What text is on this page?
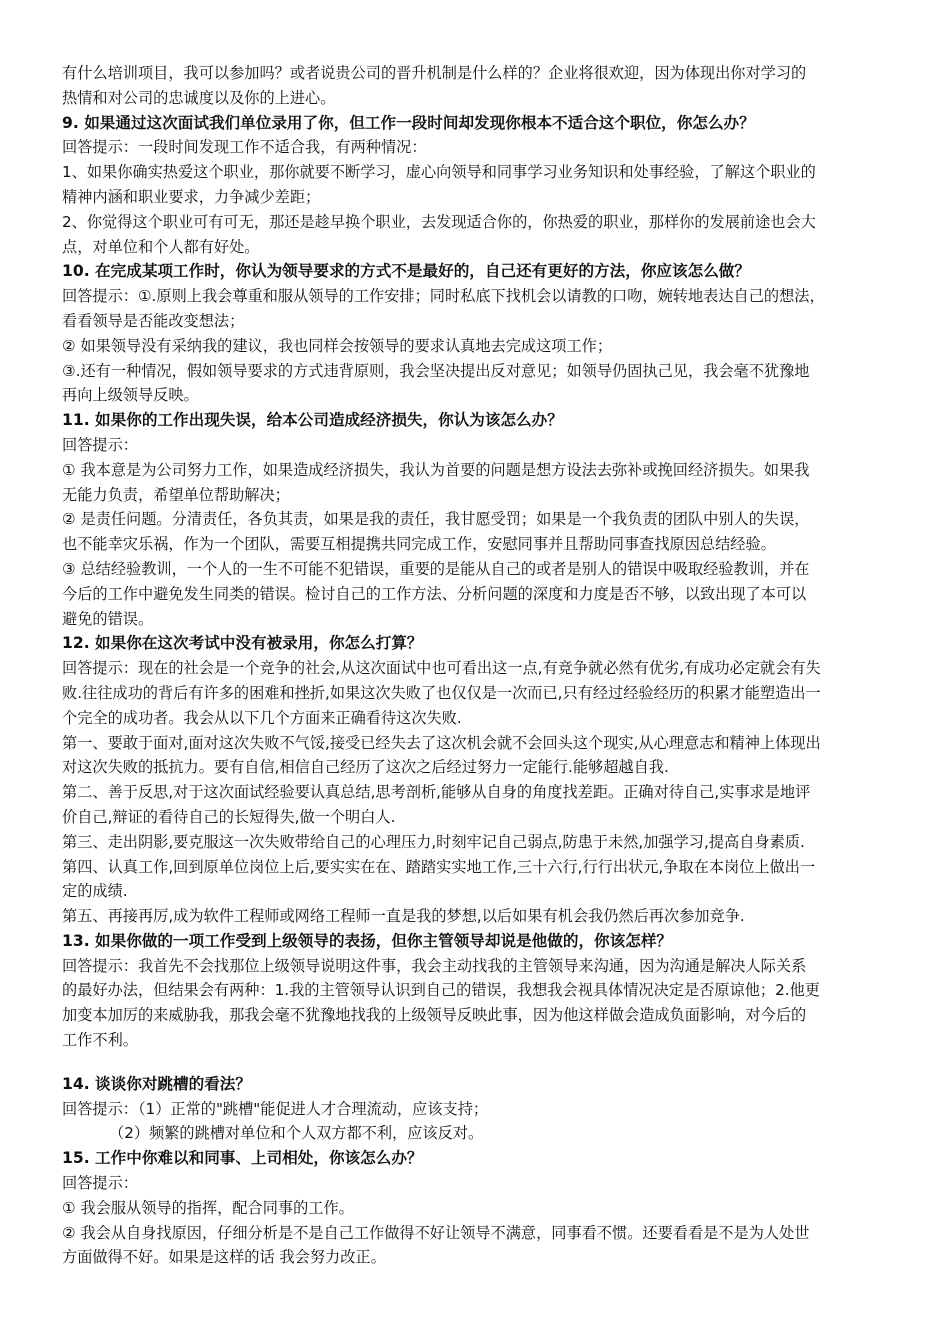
有什么培训项目，我可以参加吗？或者说贵公司的晋升机制是什么样的？企业将很欢迎，因为体现出你对学习的
热情和对公司的忠诚度以及你的上进心。
9. 如果通过这次面试我们单位录用了你，但工作一段时间却发现你根本不适合这个职位，你怎么办？
回答提示：一段时间发现工作不适合我，有两种情况：
1、如果你确实热爱这个职业，那你就要不断学习，虚心向领导和同事学习业务知识和处事经验，了解这个职业的
精神内涵和职业要求，力争减少差距；
2、你觉得这个职业可有可无，那还是趁早换个职业，去发现适合你的，你热爱的职业，那样你的发展前途也会大
点，对单位和个人都有好处。
10. 在完成某项工作时，你认为领导要求的方式不是最好的，自己还有更好的方法，你应该怎么做？
回答提示：①.原则上我会尊重和服从领导的工作安排；同时私底下找机会以请教的口吻，婉转地表达自己的想法，
看看领导是否能改变想法；
② 如果领导没有采纳我的建议，我也同样会按领导的要求认真地去完成这项工作；
③.还有一种情况，假如领导要求的方式违背原则，我会坚决提出反对意见；如领导仍固执己见，我会毫不犹豫地
再向上级领导反映。
11. 如果你的工作出现失误，给本公司造成经济损失，你认为该怎么办？
回答提示：
① 我本意是为公司努力工作，如果造成经济损失，我认为首要的问题是想方设法去弥补或挽回经济损失。如果我
无能力负责，希望单位帮助解决；
② 是责任问题。分清责任，各负其责，如果是我的责任，我甘愿受罚；如果是一个我负责的团队中别人的失误，
也不能幸灾乐祸，作为一个团队，需要互相提携共同完成工作，安慰同事并且帮助同事查找原因总结经验。
③ 总结经验教训，一个人的一生不可能不犯错误，重要的是能从自己的或者是别人的错误中吸取经验教训，并在
今后的工作中避免发生同类的错误。检讨自己的工作方法、分析问题的深度和力度是否不够，以致出现了本可以
避免的错误。
12. 如果你在这次考试中没有被录用，你怎么打算？
回答提示：现在的社会是一个竞争的社会,从这次面试中也可看出这一点,有竞争就必然有优劣,有成功必定就会有失
败.往往成功的背后有许多的困难和挫折,如果这次失败了也仅仅是一次而已,只有经过经验经历的积累才能塑造出一
个完全的成功者。我会从以下几个方面来正确看待这次失败.
第一、要敢于面对,面对这次失败不气馁,接受已经失去了这次机会就不会回头这个现实,从心理意志和精神上体现出
对这次失败的抵抗力。要有自信,相信自己经历了这次之后经过努力一定能行.能够超越自我.
第二、善于反思,对于这次面试经验要认真总结,思考剖析,能够从自身的角度找差距。正确对待自己,实事求是地评
价自己,辩证的看待自己的长短得失,做一个明白人.
第三、走出阴影,要克服这一次失败带给自己的心理压力,时刻牢记自己弱点,防患于未然,加强学习,提高自身素质.
第四、认真工作,回到原单位岗位上后,要实实在在、踏踏实实地工作,三十六行,行行出状元,争取在本岗位上做出一
定的成绩.
第五、再接再厉,成为软件工程师或网络工程师一直是我的梦想,以后如果有机会我仍然后再次参加竞争.
13. 如果你做的一项工作受到上级领导的表扬，但你主管领导却说是他做的，你该怎样？
回答提示：我首先不会找那位上级领导说明这件事，我会主动找我的主管领导来沟通，因为沟通是解决人际关系
的最好办法，但结果会有两种：1.我的主管领导认识到自己的错误，我想我会视具体情况决定是否原谅他；2.他更
加变本加厉的来威胁我，那我会毫不犹豫地找我的上级领导反映此事，因为他这样做会造成负面影响，对今后的
工作不利。
14. 谈谈你对跳槽的看法？
回答提示：（1）正常的"跳槽"能促进人才合理流动，应该支持；
（2）频繁的跳槽对单位和个人双方都不利，应该反对。
15. 工作中你难以和同事、上司相处，你该怎么办？
回答提示：
① 我会服从领导的指挥，配合同事的工作。
② 我会从自身找原因，仔细分析是不是自己工作做得不好让领导不满意，同事看不惯。还要看看是不是为人处世
方面做得不好。如果是这样的话 我会努力改正。
